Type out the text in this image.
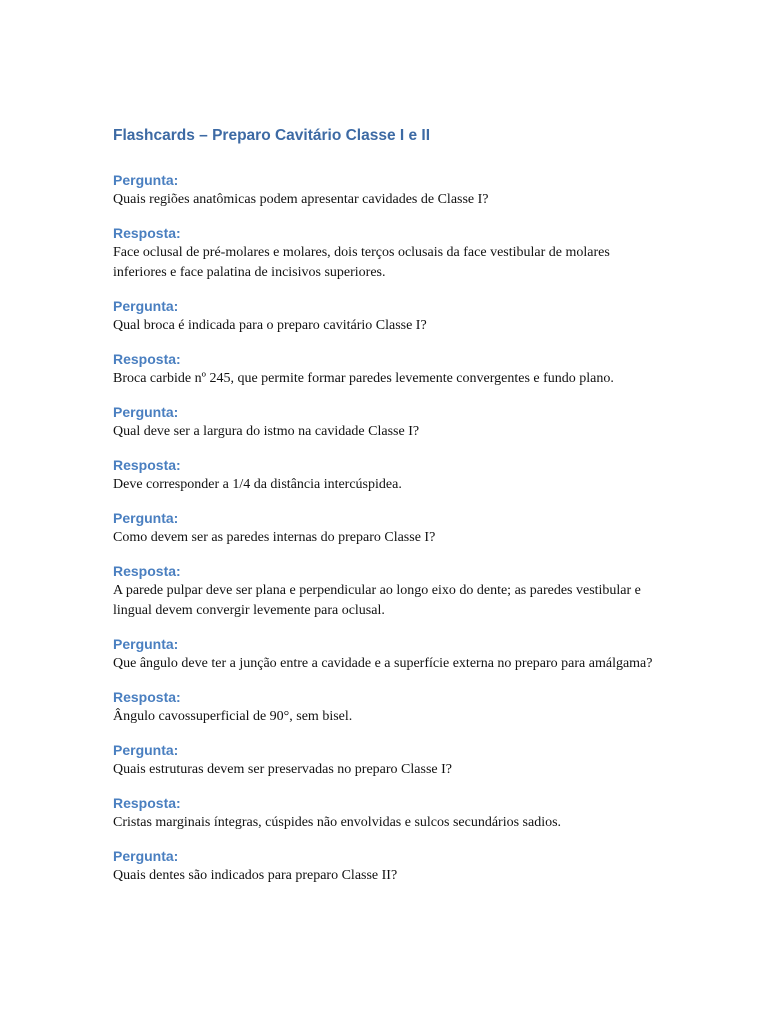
Flashcards – Preparo Cavitário Classe I e II

Pergunta:

Quais regiões anatômicas podem apresentar cavidades de Classe I?

Resposta:

Face oclusal de pré-molares e molares, dois terços oclusais da face vestibular de molares inferiores e face palatina de incisivos superiores.

Pergunta:

Qual broca é indicada para o preparo cavitário Classe I?

Resposta:

Broca carbide nº 245, que permite formar paredes levemente convergentes e fundo plano.

Pergunta:

Qual deve ser a largura do istmo na cavidade Classe I?

Resposta:

Deve corresponder a 1/4 da distância intercúspidea.

Pergunta:

Como devem ser as paredes internas do preparo Classe I?

Resposta:

A parede pulpar deve ser plana e perpendicular ao longo eixo do dente; as paredes vestibular e lingual devem convergir levemente para oclusal.

Pergunta:

Que ângulo deve ter a junção entre a cavidade e a superfície externa no preparo para amálgama?

Resposta:

Ângulo cavossuperficial de 90°, sem bisel.

Pergunta:

Quais estruturas devem ser preservadas no preparo Classe I?

Resposta:

Cristas marginais íntegras, cúspides não envolvidas e sulcos secundários sadios.

Pergunta:

Quais dentes são indicados para preparo Classe II?
